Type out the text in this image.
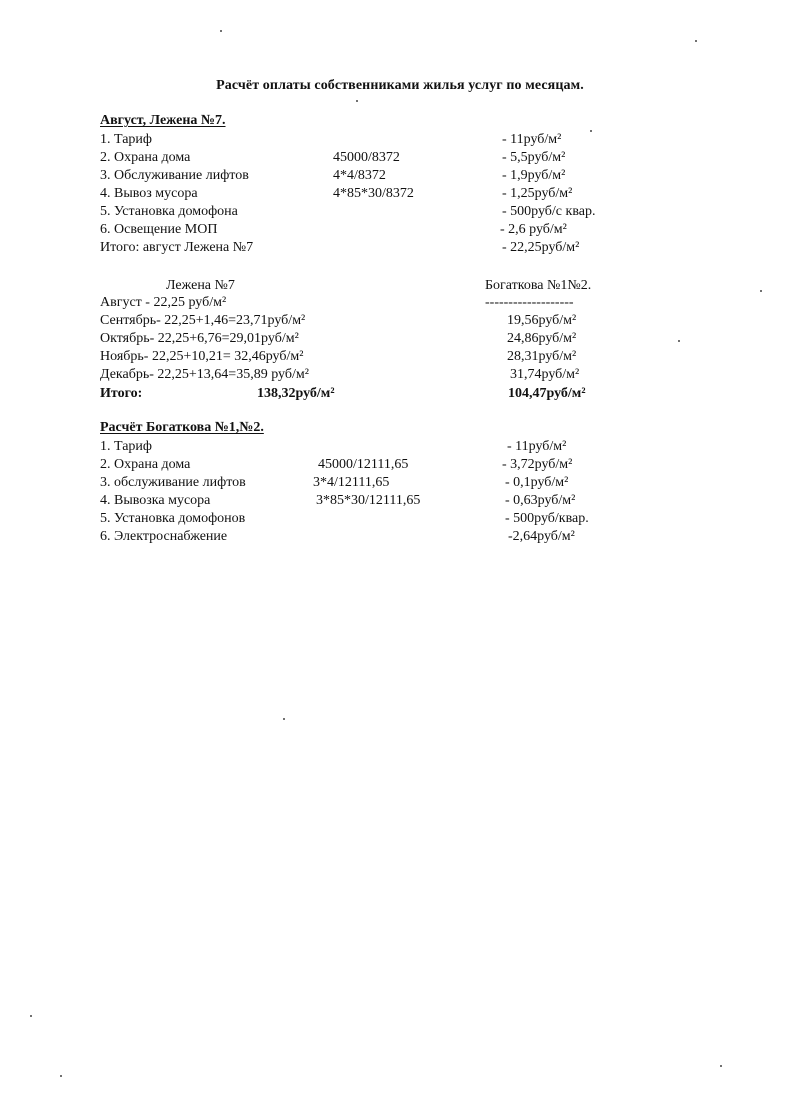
Расчёт оплаты собственниками жилья услуг по месяцам.
Август, Лежена №7.
1. Тариф	- 11руб/м²
2. Охрана дома	45000/8372	- 5,5руб/м²
3. Обслуживание лифтов	4*4/8372	- 1,9руб/м²
4. Вывоз мусора	4*85*30/8372	- 1,25руб/м²
5. Установка домофона	- 500руб/с квар.
6. Освещение МОП	- 2,6 руб/м²
Итого: август Лежена №7	- 22,25руб/м²
Лежена №7	Богаткова №1№2.
Август - 22,25 руб/м²	-------------------
Сентябрь- 22,25+1,46=23,71руб/м²	19,56руб/м²
Октябрь- 22,25+6,76=29,01руб/м²	24,86руб/м²
Ноябрь- 22,25+10,21= 32,46руб/м²	28,31руб/м²
Декабрь- 22,25+13,64=35,89 руб/м²	31,74руб/м²
Итого:	138,32руб/м²	104,47руб/м²
Расчёт Богаткова №1,№2.
1. Тариф	- 11руб/м²
2. Охрана дома	45000/12111,65	- 3,72руб/м²
3. обслуживание лифтов	3*4/12111,65	- 0,1руб/м²
4. Вывозка мусора	3*85*30/12111,65	- 0,63руб/м²
5. Установка домофонов	- 500руб/квар.
6. Электроснабжение	-2,64руб/м²
